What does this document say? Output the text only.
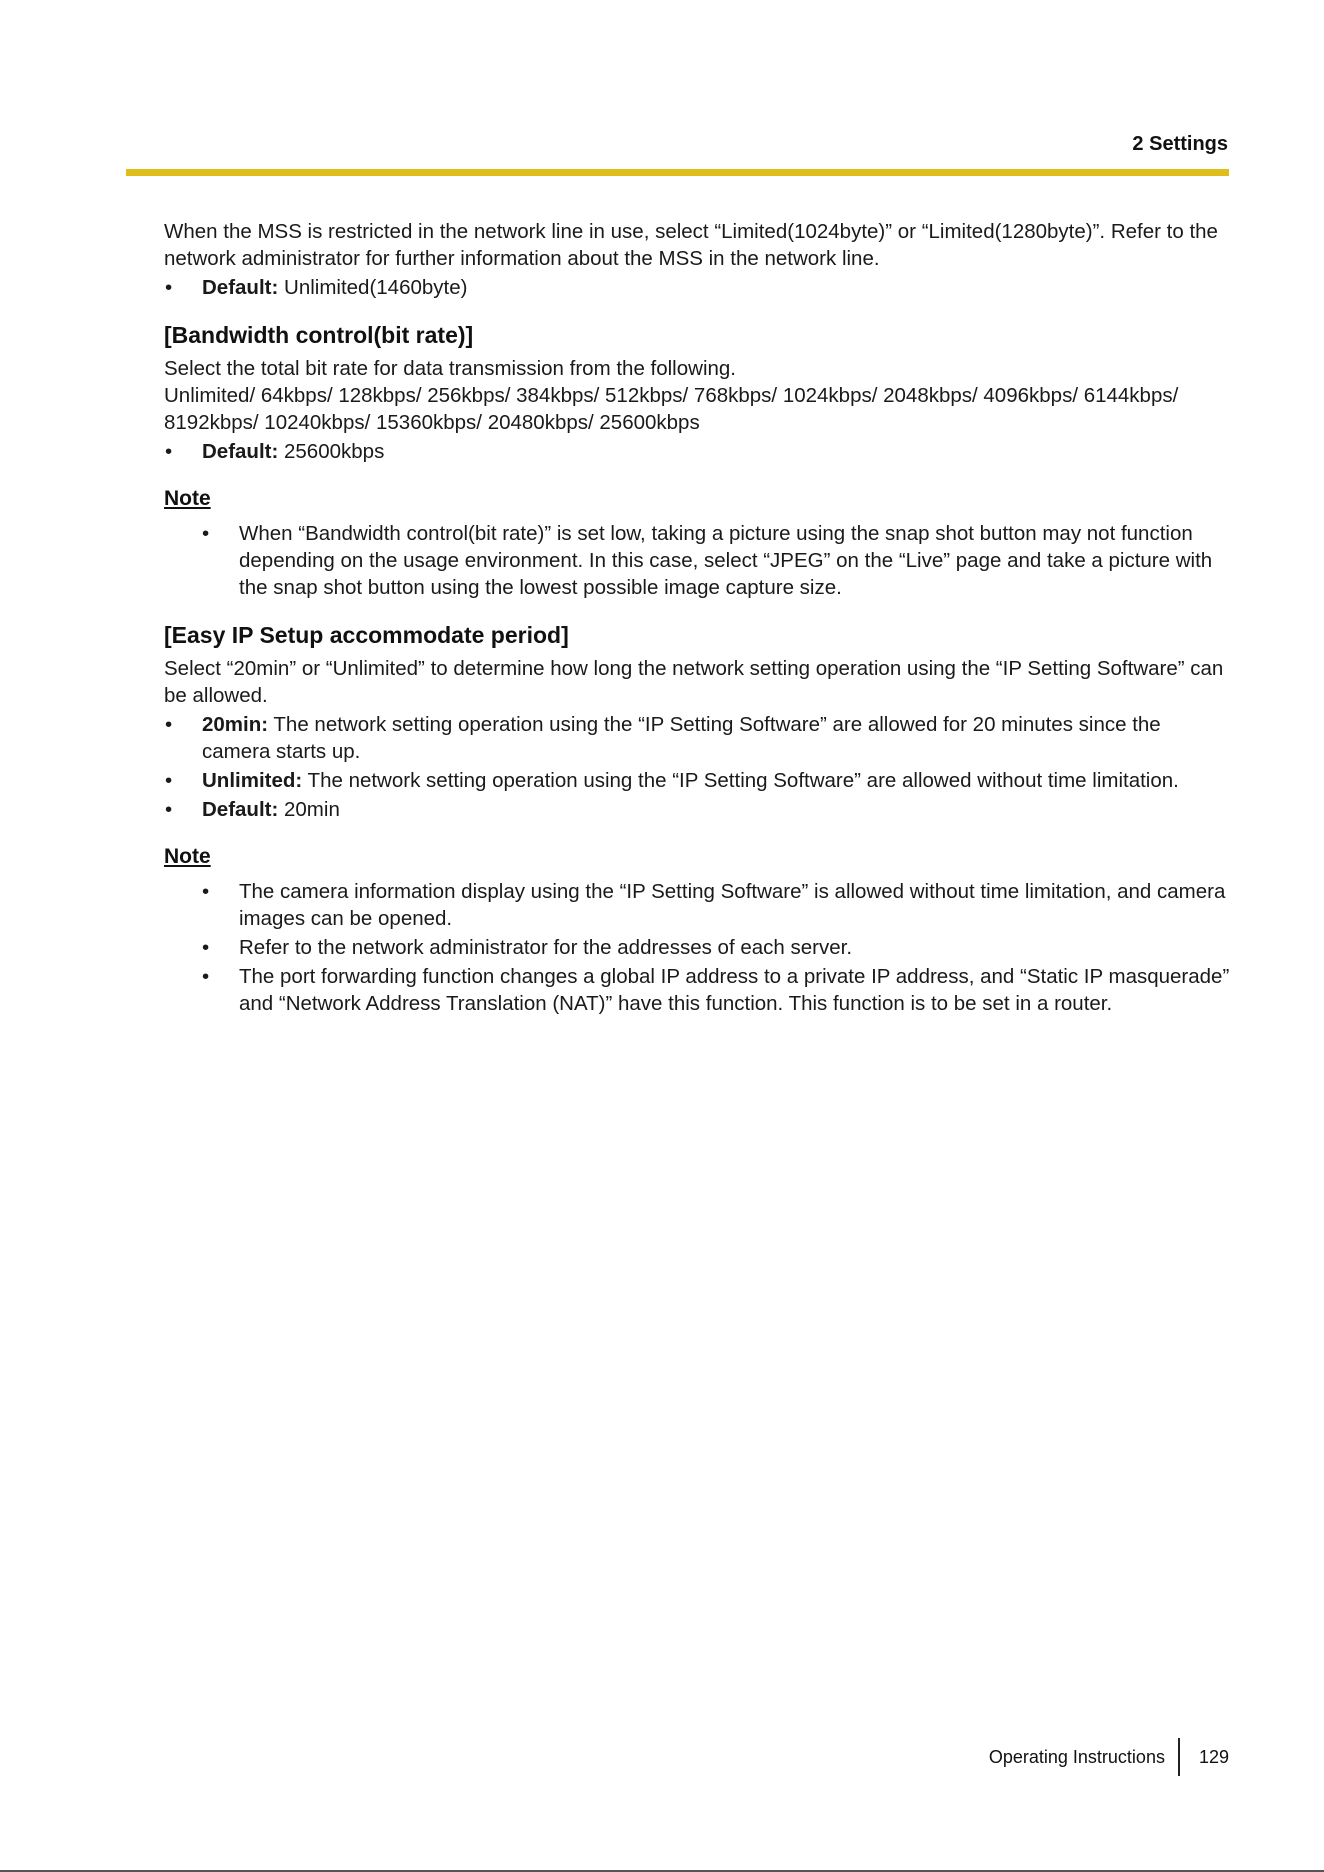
2 Settings

When the MSS is restricted in the network line in use, select “Limited(1024byte)” or “Limited(1280byte)”. Refer to the network administrator for further information about the MSS in the network line.

• Default: Unlimited(1460byte)
[Bandwidth control(bit rate)]

Select the total bit rate for data transmission from the following.

Unlimited/ 64kbps/ 128kbps/ 256kbps/ 384kbps/ 512kbps/ 768kbps/ 1024kbps/ 2048kbps/ 4096kbps/ 6144kbps/ 8192kbps/ 10240kbps/ 15360kbps/ 20480kbps/ 25600kbps

• Default: 25600kbps
Note
• When “Bandwidth control(bit rate)” is set low, taking a picture using the snap shot button may not function depending on the usage environment. In this case, select “JPEG” on the “Live” page and take a picture with the snap shot button using the lowest possible image capture size.
[Easy IP Setup accommodate period]

Select “20min” or “Unlimited” to determine how long the network setting operation using the “IP Setting Software” can be allowed.

• 20min: The network setting operation using the “IP Setting Software” are allowed for 20 minutes since the camera starts up.
• Unlimited: The network setting operation using the “IP Setting Software” are allowed without time limitation.
• Default: 20min
Note
• The camera information display using the “IP Setting Software” is allowed without time limitation, and camera images can be opened.
• Refer to the network administrator for the addresses of each server.
• The port forwarding function changes a global IP address to a private IP address, and “Static IP masquerade” and “Network Address Translation (NAT)” have this function. This function is to be set in a router.
Operating Instructions	129
